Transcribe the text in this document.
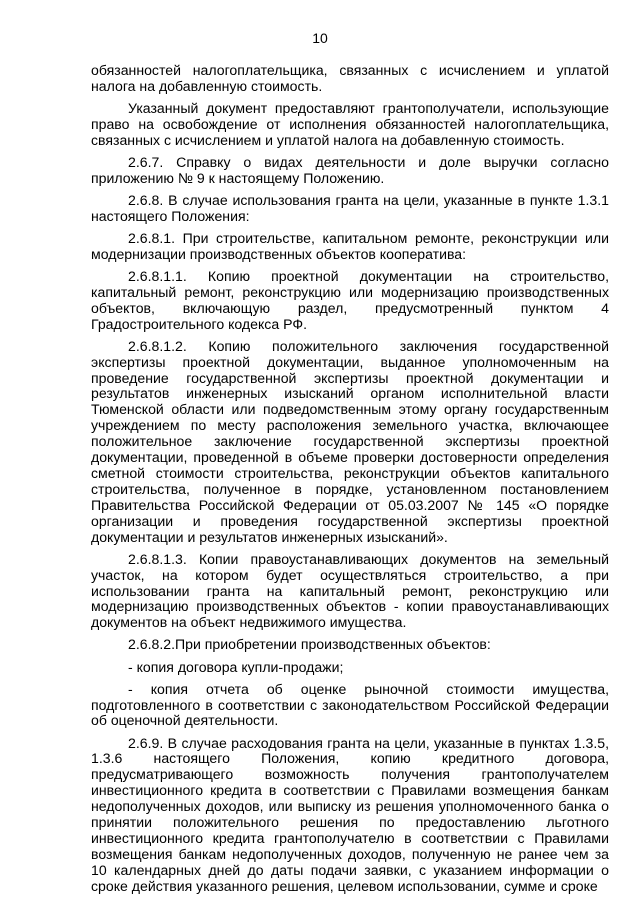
10

обязанностей налогоплательщика, связанных с исчислением и уплатой налога на добавленную стоимость.

Указанный документ предоставляют грантополучатели, использующие право на освобождение от исполнения обязанностей налогоплательщика, связанных с исчислением и уплатой налога на добавленную стоимость.

2.6.7. Справку о видах деятельности и доле выручки согласно приложению № 9 к настоящему Положению.

2.6.8. В случае использования гранта на цели, указанные в пункте 1.3.1 настоящего Положения:

2.6.8.1. При строительстве, капитальном ремонте, реконструкции или модернизации производственных объектов кооператива:

2.6.8.1.1. Копию проектной документации на строительство, капитальный ремонт, реконструкцию или модернизацию производственных объектов, включающую раздел, предусмотренный пунктом 4 Градостроительного кодекса РФ.

2.6.8.1.2. Копию положительного заключения государственной экспертизы проектной документации, выданное уполномоченным на проведение государственной экспертизы проектной документации и результатов инженерных изысканий органом исполнительной власти Тюменской области или подведомственным этому органу государственным учреждением по месту расположения земельного участка, включающее положительное заключение государственной экспертизы проектной документации, проведенной в объеме проверки достоверности определения сметной стоимости строительства, реконструкции объектов капитального строительства, полученное в порядке, установленном постановлением Правительства Российской Федерации от 05.03.2007 № 145 «О порядке организации и проведения государственной экспертизы проектной документации и результатов инженерных изысканий».

2.6.8.1.3. Копии правоустанавливающих документов на земельный участок, на котором будет осуществляться строительство, а при использовании гранта на капитальный ремонт, реконструкцию или модернизацию производственных объектов - копии правоустанавливающих документов на объект недвижимого имущества.

2.6.8.2.При приобретении производственных объектов:

- копия договора купли-продажи;

- копия отчета об оценке рыночной стоимости имущества, подготовленного в соответствии с законодательством Российской Федерации об оценочной деятельности.

2.6.9. В случае расходования гранта на цели, указанные в пунктах 1.3.5, 1.3.6 настоящего Положения, копию кредитного договора, предусматривающего возможность получения грантополучателем инвестиционного кредита в соответствии с Правилами возмещения банкам недополученных доходов, или выписку из решения уполномоченного банка о принятии положительного решения по предоставлению льготного инвестиционного кредита грантополучателю в соответствии с Правилами возмещения банкам недополученных доходов, полученную не ранее чем за 10 календарных дней до даты подачи заявки, с указанием информации о сроке действия указанного решения, целевом использовании, сумме и сроке
